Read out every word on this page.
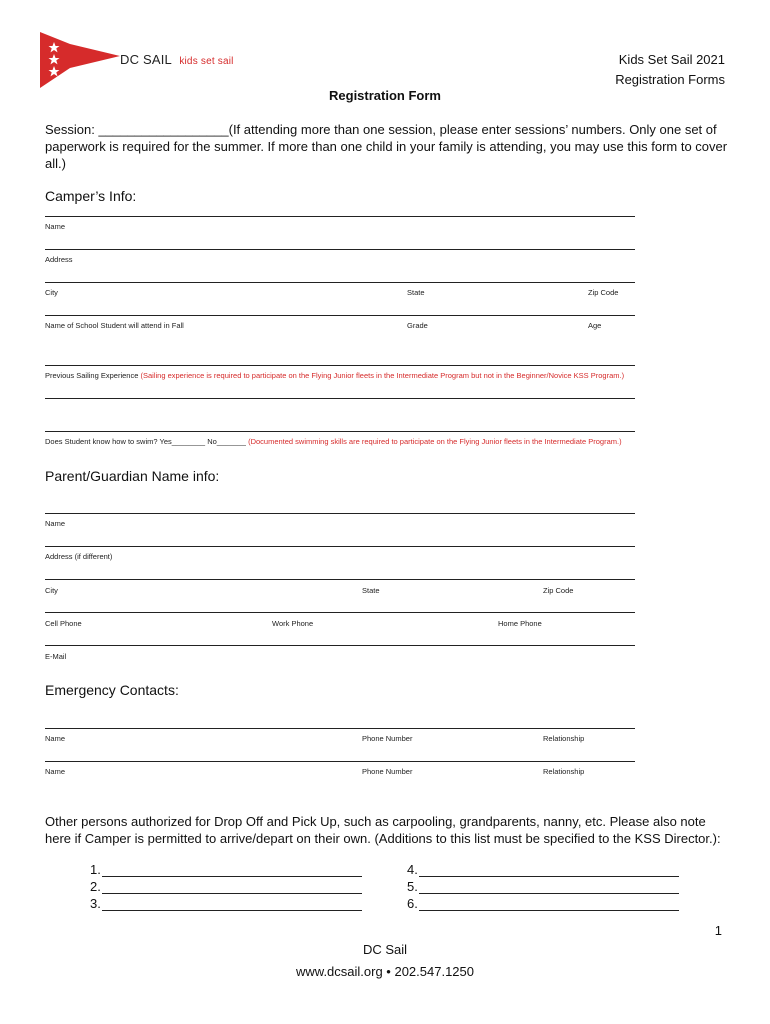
DC SAIL kids set sail	Kids Set Sail 2021
Registration Forms
Registration Form
Session: __________________(If attending more than one session, please enter sessions’ numbers. Only one set of paperwork is required for the summer. If more than one child in your family is attending, you may use this form to cover all.)
Camper’s Info:
Name
Address
City	State	Zip Code
Name of School Student will attend in Fall	Grade	Age
Previous Sailing Experience (Sailing experience is required to participate on the Flying Junior fleets in the Intermediate Program but not in the Beginner/Novice KSS Program.)
Does Student know how to swim? Yes________ No_______ (Documented swimming skills are required to participate on the Flying Junior fleets in the Intermediate Program.)
Parent/Guardian Name info:
Name
Address (if different)
City	State	Zip Code
Cell Phone	Work Phone	Home Phone
E-Mail
Emergency Contacts:
Name	Phone Number	Relationship
Name	Phone Number	Relationship
Other persons authorized for Drop Off and Pick Up, such as carpooling, grandparents, nanny, etc. Please also note here if Camper is permitted to arrive/depart on their own. (Additions to this list must be specified to the KSS Director.):
1.
2.
3.
4.
5.
6.
1
DC Sail
www.dcsail.org • 202.547.1250
